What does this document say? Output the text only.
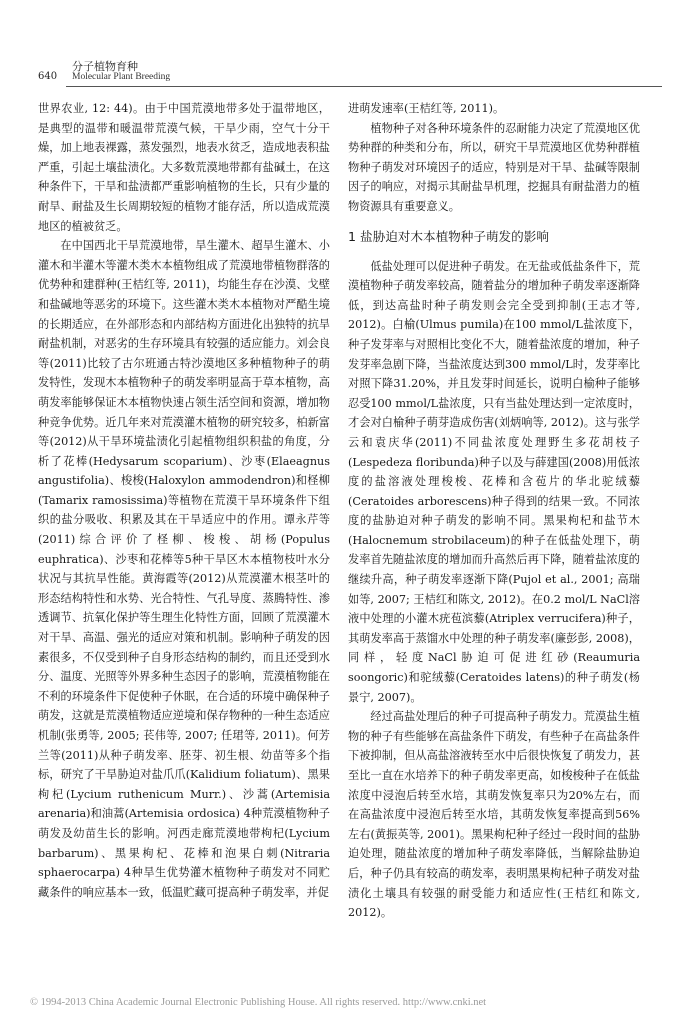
640
分子植物育种
Molecular Plant Breeding

世界农业, 12: 44)。由于中国荒漠地带多处于温带地区，是典型的温带和暖温带荒漠气候，干旱少雨，空气十分干燥，加上地表裸露，蒸发强烈，地表水贫乏，造成地表积盐严重，引起土壤盐渍化。大多数荒漠地带都有盐碱土，在这种条件下，干旱和盐渍都严重影响植物的生长，只有少量的耐旱、耐盐及生长周期较短的植物才能存活，所以造成荒漠地区的植被贫乏。

在中国西北干旱荒漠地带，旱生灌木、超旱生灌木、小灌木和半灌木等灌木类木本植物组成了荒漠地带植物群落的优势种和建群种(王桔红等, 2011)，均能生存在沙漠、戈壁和盐碱地等恶劣的环境下。这些灌木类木本植物对严酷生境的长期适应，在外部形态和内部结构方面进化出独特的抗旱耐盐机制，对恶劣的生存环境具有较强的适应能力。刘会良等(2011)比较了古尔班通古特沙漠地区多种植物种子的萌发特性，发现木本植物种子的萌发率明显高于草本植物，高萌发率能够保证木本植物快速占领生活空间和资源，增加物种竞争优势。近几年来对荒漠灌木植物的研究较多，柏新富等(2012)从干旱环境盐渍化引起植物组织积盐的角度，分析了花棒(Hedysarum scoparium)、沙枣(Elaeagnus angustifolia)、梭梭(Haloxylon ammodendron)和柽柳(Tamarix ramosissima)等植物在荒漠干旱环境条件下组织的盐分吸收、积累及其在干旱适应中的作用。谭永芹等(2011)综合评价了柽柳、梭梭、胡杨(Populus euphratica)、沙枣和花棒等5种干旱区木本植物枝叶水分状况与其抗旱性能。黄海霞等(2012)从荒漠灌木根茎叶的形态结构特性和水势、光合特性、气孔导度、蒸腾特性、渗透调节、抗氧化保护等生理生化特性方面，回顾了荒漠灌木对干旱、高温、强光的适应对策和机制。影响种子萌发的因素很多，不仅受到种子自身形态结构的制约，而且还受到水分、温度、光照等外界多种生态因子的影响，荒漠植物能在不利的环境条件下促使种子休眠，在合适的环境中确保种子萌发，这就是荒漠植物适应逆境和保存物种的一种生态适应机制(张勇等, 2005; 苌伟等, 2007; 任珺等, 2011)。何芳兰等(2011)从种子萌发率、胚芽、初生根、幼苗等多个指标，研究了干旱胁迫对盐爪爪(Kalidium foliatum)、黑果枸杞(Lycium ruthenicum Murr.)、沙蒿(Artemisia arenaria)和油蒿(Artemisia ordosica) 4种荒漠植物种子萌发及幼苗生长的影响。河西走廊荒漠地带枸杞(Lycium barbarum)、黑果枸杞、花棒和泡果白刺(Nitraria sphaerocarpa) 4种旱生优势灌木植物种子萌发对不同贮藏条件的响应基本一致，低温贮藏可提高种子萌发率，并促

进萌发速率(王桔红等, 2011)。

植物种子对各种环境条件的忍耐能力决定了荒漠地区优势种群的种类和分布，所以，研究干旱荒漠地区优势种群植物种子萌发对环境因子的适应，特别是对干旱、盐碱等限制因子的响应，对揭示其耐盐旱机理，挖掘具有耐盐潜力的植物资源具有重要意义。

1 盐胁迫对木本植物种子萌发的影响

低盐处理可以促进种子萌发。在无盐或低盐条件下，荒漠植物种子萌发率较高，随着盐分的增加种子萌发率逐渐降低，到达高盐时种子萌发则会完全受到抑制(王志才等, 2012)。白榆(Ulmus pumila)在100 mmol/L盐浓度下，种子发芽率与对照相比变化不大，随着盐浓度的增加，种子发芽率急剧下降，当盐浓度达到300 mmol/L时，发芽率比对照下降31.20%，并且发芽时间延长，说明白榆种子能够忍受100 mmol/L盐浓度，只有当盐处理达到一定浓度时，才会对白榆种子萌芽造成伤害(刘炳响等, 2012)。这与张学云和袁庆华(2011)不同盐浓度处理野生多花胡枝子(Lespedeza floribunda)种子以及与薛建国(2008)用低浓度的盐溶液处理梭梭、花棒和含苞片的华北驼绒藜(Ceratoides arborescens)种子得到的结果一致。不同浓度的盐胁迫对种子萌发的影响不同。黑果枸杞和盐节木(Halocnemum strobilaceum)的种子在低盐处理下，萌发率首先随盐浓度的增加而升高然后再下降，随着盐浓度的继续升高，种子萌发率逐渐下降(Pujol et al., 2001; 高瑞如等, 2007; 王桔红和陈文, 2012)。在0.2 mol/L NaCl溶液中处理的小灌木疣苞滨藜(Atriplex verrucifera)种子，其萌发率高于蒸馏水中处理的种子萌发率(廉彭彭, 2008)，同样，轻度NaCl胁迫可促进红砂(Reaumuria soongoric)和驼绒藜(Ceratoides latens)的种子萌发(杨景宁, 2007)。

经过高盐处理后的种子可提高种子萌发力。荒漠盐生植物的种子有些能够在高盐条件下萌发，有些种子在高盐条件下被抑制，但从高盐溶液转至水中后很快恢复了萌发力，甚至比一直在水培养下的种子萌发率更高，如梭梭种子在低盐浓度中浸泡后转至水培，其萌发恢复率只为20%左右，而在高盐浓度中浸泡后转至水培，其萌发恢复率提高到56%左右(黄振英等, 2001)。黑果枸杞种子经过一段时间的盐胁迫处理，随盐浓度的增加种子萌发率降低，当解除盐胁迫后，种子仍具有较高的萌发率，表明黑果枸杞种子萌发对盐渍化土壤具有较强的耐受能力和适应性(王桔红和陈文, 2012)。

© 1994-2013 China Academic Journal Electronic Publishing House. All rights reserved. http://www.cnki.net
